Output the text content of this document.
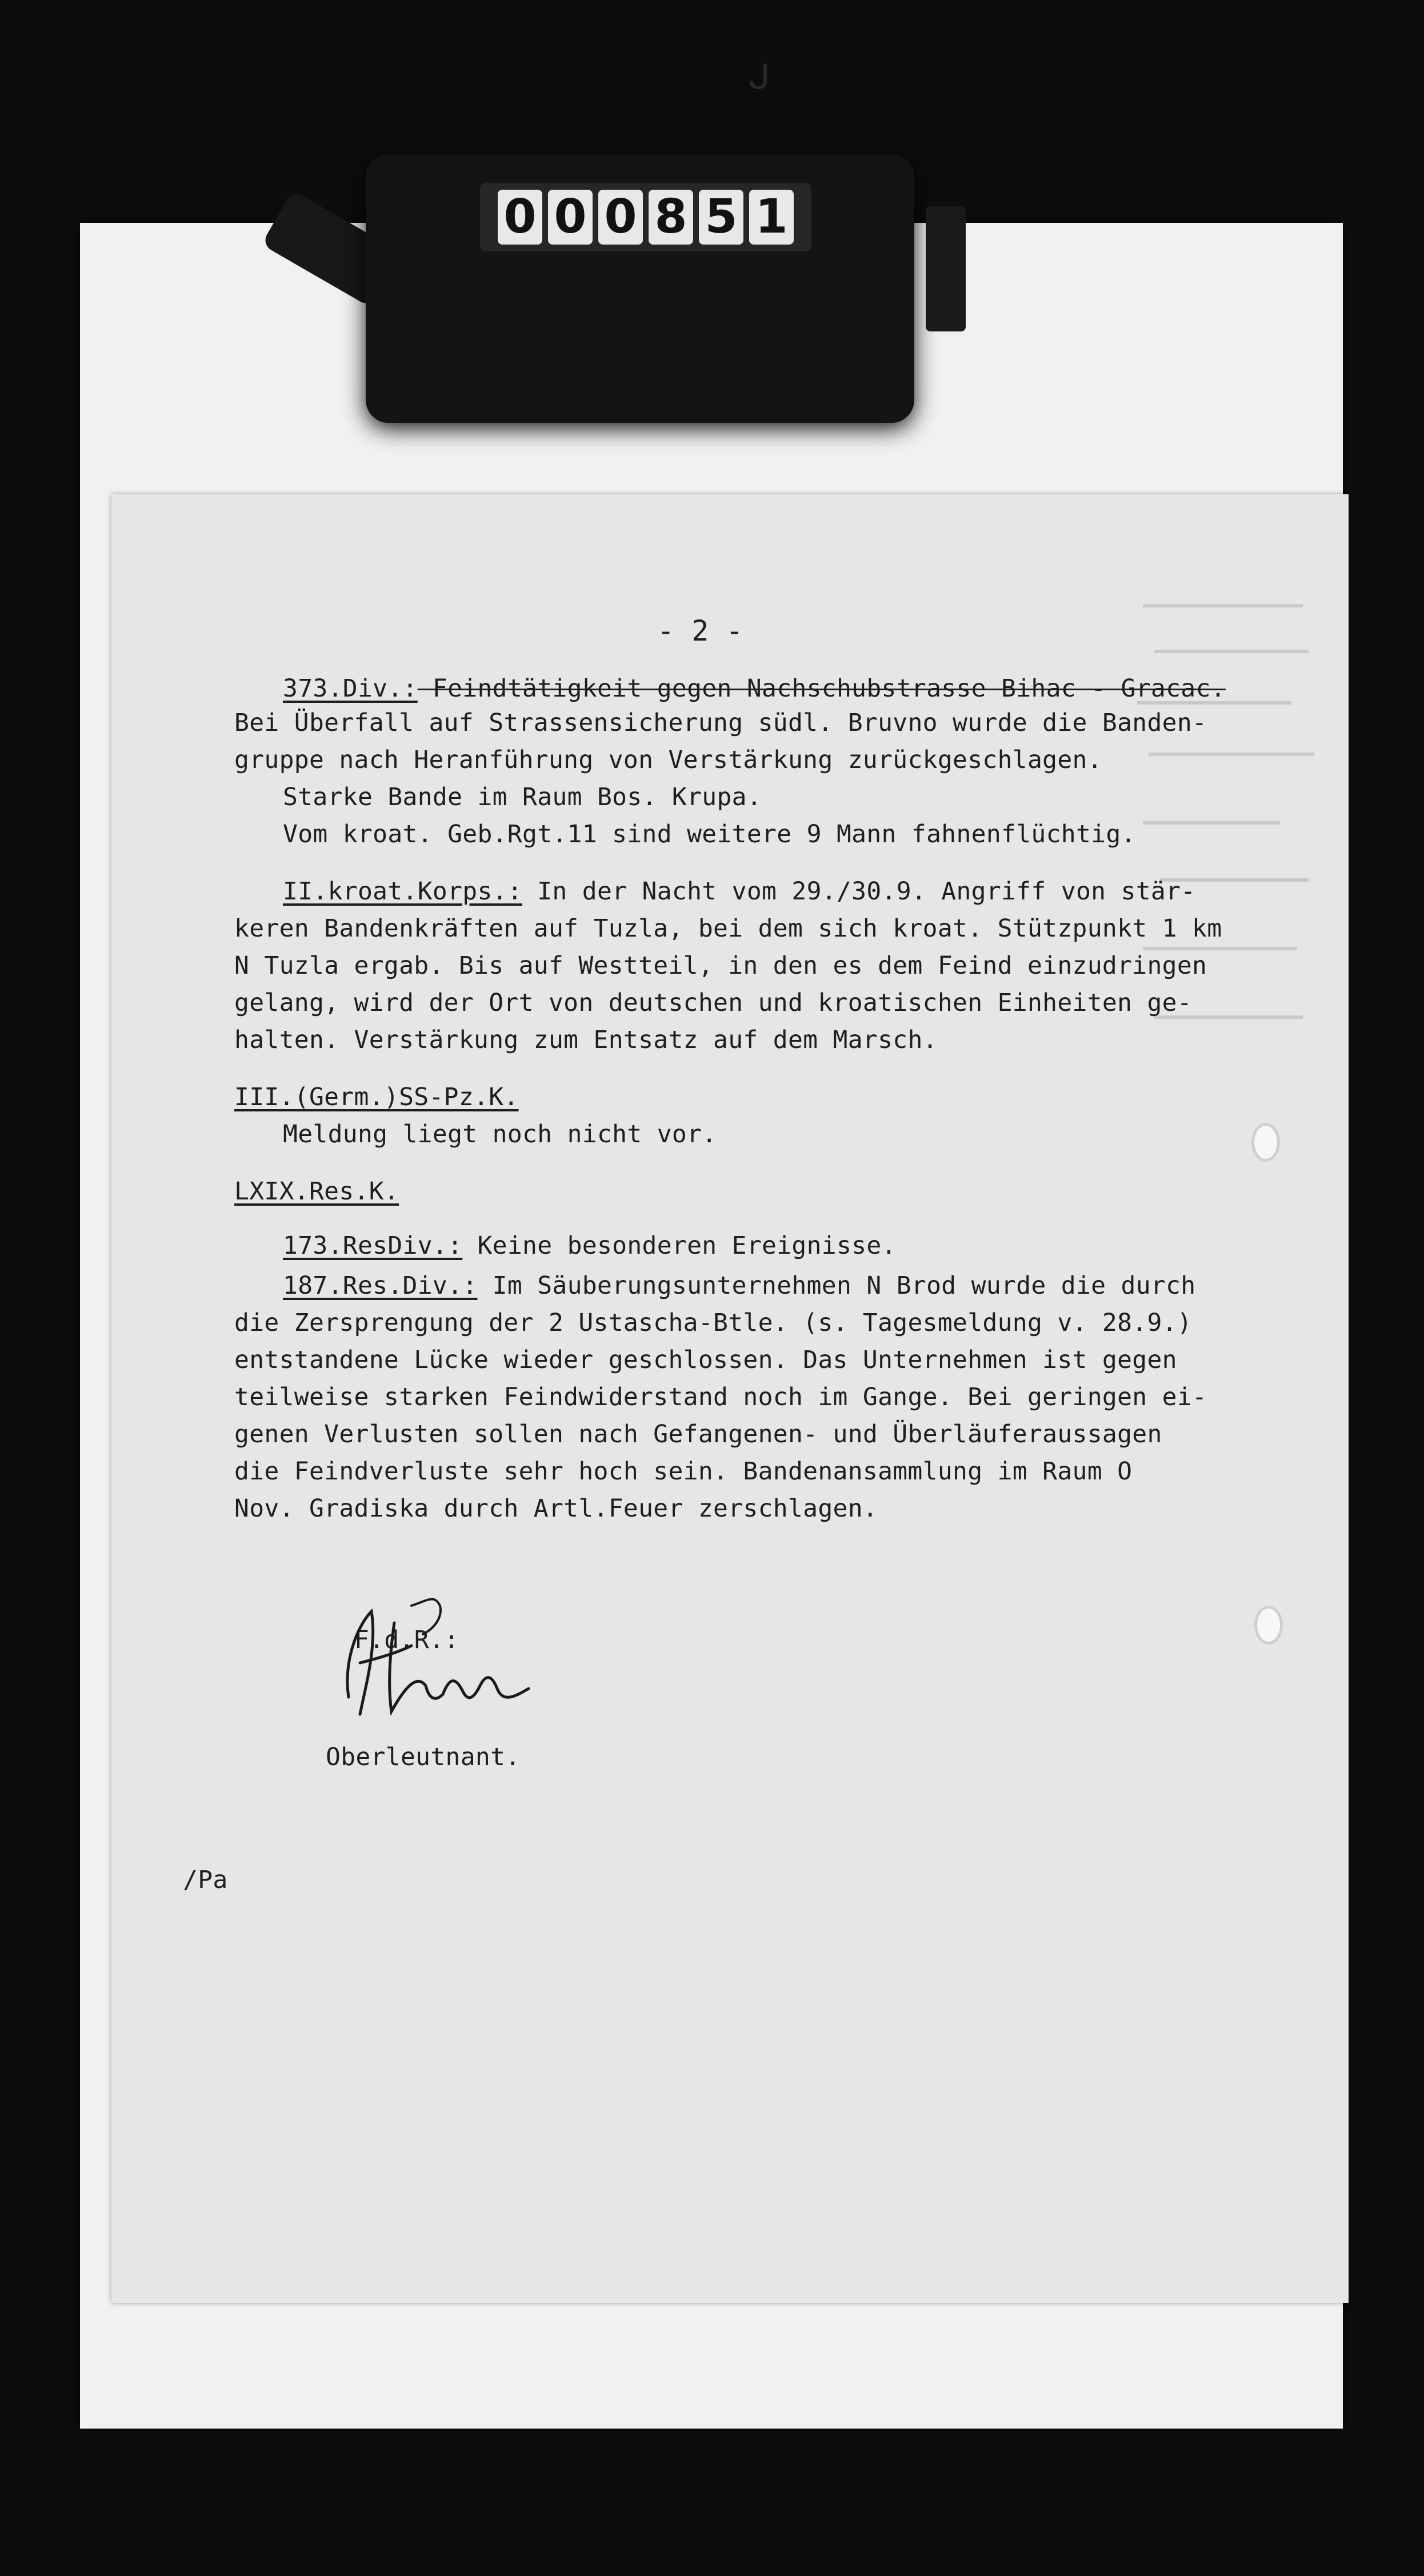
0 0 0 8 5 1
- 2 -
373.Div.: Feindtätigkeit gegen Nachschubstrasse Bihac - Gracac.
Bei Überfall auf Strassensicherung südl. Bruvno wurde die Banden-
gruppe nach Heranführung von Verstärkung zurückgeschlagen.
Starke Bande im Raum Bos. Krupa.
Vom kroat. Geb.Rgt.11 sind weitere 9 Mann fahnenflüchtig.
II.kroat.Korps.: In der Nacht vom 29./30.9. Angriff von stär-
keren Bandenkräften auf Tuzla, bei dem sich kroat. Stützpunkt 1 km
N Tuzla ergab. Bis auf Westteil, in den es dem Feind einzudringen
gelang, wird der Ort von deutschen und kroatischen Einheiten ge-
halten. Verstärkung zum Entsatz auf dem Marsch.
III.(Germ.)SS-Pz.K.
Meldung liegt noch nicht vor.
LXIX.Res.K.
173.ResDiv.: Keine besonderen Ereignisse.
187.Res.Div.: Im Säuberungsunternehmen N Brod wurde die durch
die Zersprengung der 2 Ustascha-Btle. (s. Tagesmeldung v. 28.9.)
entstandene Lücke wieder geschlossen. Das Unternehmen ist gegen
teilweise starken Feindwiderstand noch im Gange. Bei geringen ei-
genen Verlusten sollen nach Gefangenen- und Überläuferaussagen
die Feindverluste sehr hoch sein. Bandenansammlung im Raum O
Nov. Gradiska durch Artl.Feuer zerschlagen.
F.d.R.:
Oberleutnant.
/Pa
ᒍ
